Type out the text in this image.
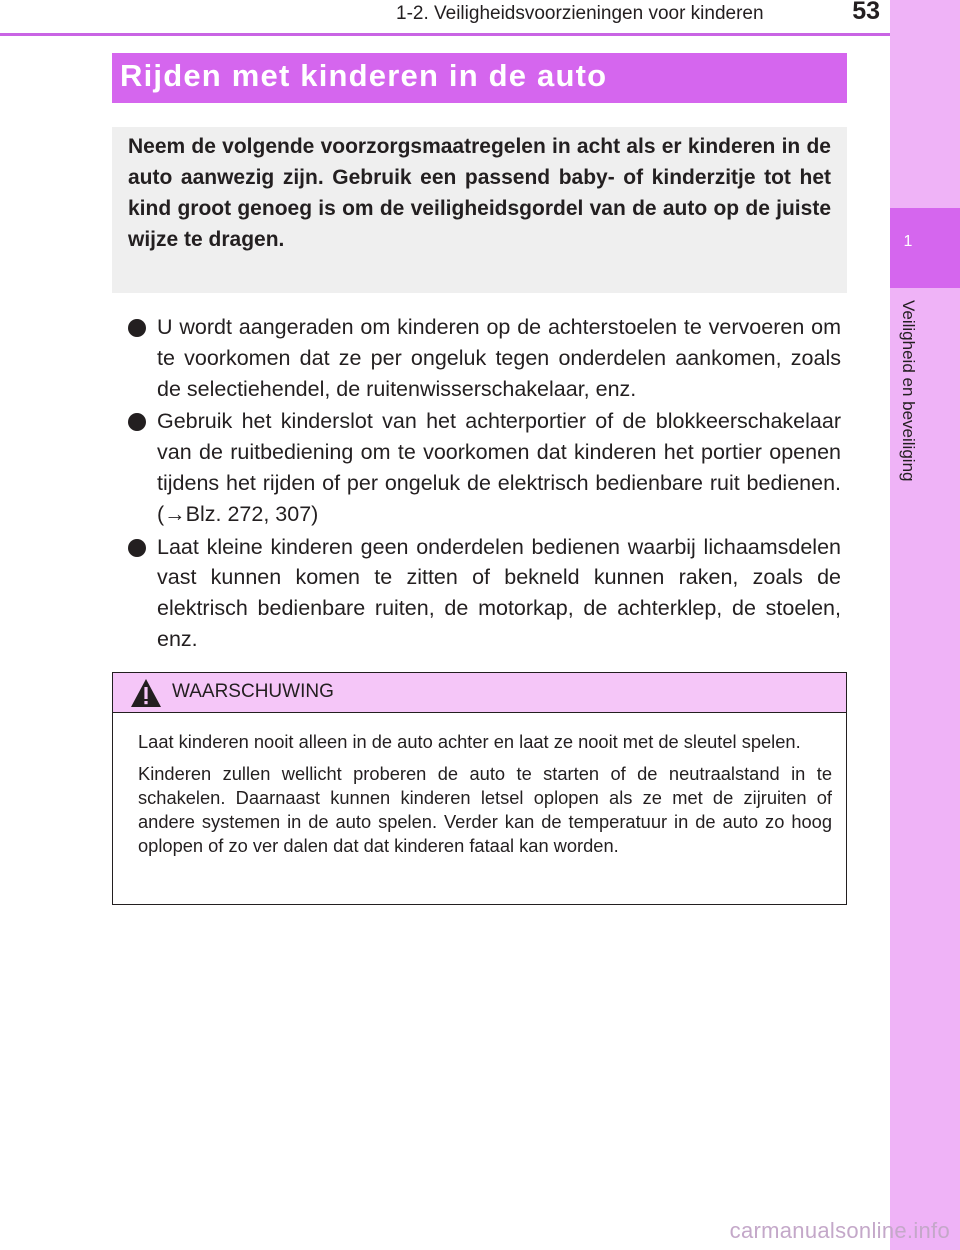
1-2. Veiligheidsvoorzieningen voor kinderen	53
1
Veiligheid en beveiliging
Rijden met kinderen in de auto

Neem de volgende voorzorgsmaatregelen in acht als er kinderen in de auto aanwezig zijn. Gebruik een passend baby- of kinderzitje tot het kind groot genoeg is om de veiligheidsgordel van de auto op de juiste wijze te dragen.

U wordt aangeraden om kinderen op de achterstoelen te vervoeren om te voorkomen dat ze per ongeluk tegen onderdelen aankomen, zoals de selectiehendel, de ruitenwisserschakelaar, enz.
Gebruik het kinderslot van het achterportier of de blokkeerschakelaar van de ruitbediening om te voorkomen dat kinderen het portier openen tijdens het rijden of per ongeluk de elektrisch bedienbare ruit bedienen. (→Blz. 272, 307)
Laat kleine kinderen geen onderdelen bedienen waarbij lichaamsdelen vast kunnen komen te zitten of bekneld kunnen raken, zoals de elektrisch bedienbare ruiten, de motorkap, de achterklep, de stoelen, enz.
WAARSCHUWING

Laat kinderen nooit alleen in de auto achter en laat ze nooit met de sleutel spelen.

Kinderen zullen wellicht proberen de auto te starten of de neutraalstand in te schakelen. Daarnaast kunnen kinderen letsel oplopen als ze met de zijruiten of andere systemen in de auto spelen. Verder kan de temperatuur in de auto zo hoog oplopen of zo ver dalen dat dat kinderen fataal kan worden.

carmanualsonline.info
